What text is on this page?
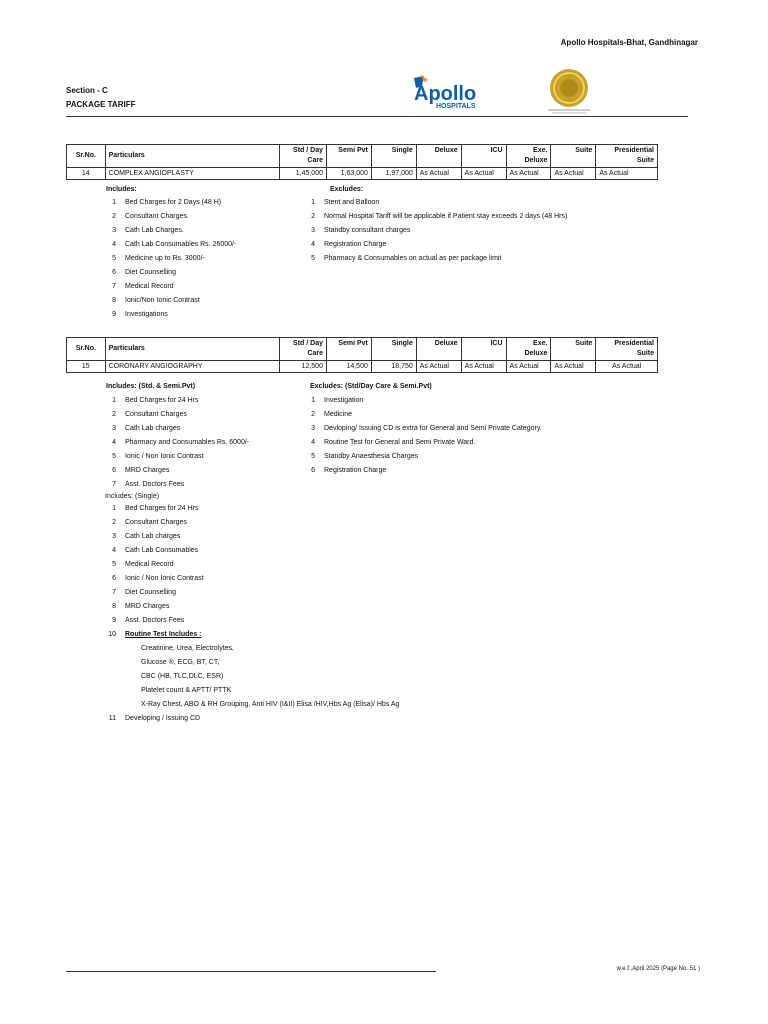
Apollo Hospitals-Bhat, Gandhinagar
Section - C
PACKAGE TARIFF	Apollo
HOSPITALS
Sr.No.	Particulars	Std / Day Care	Semi Pvt	Single	Deluxe	ICU	Exe. Deluxe	Suite	Presidential Suite
14	COMPLEX ANGIOPLASTY	1,45,000	1,63,000	1,97,000	As Actual	As Actual	As Actual	As Actual	As Actual
Includes:	Excludes:
1 Bed Charges for 2 Days (48 H)
2 Consultant Charges.
3 Cath Lab Charges.
4 Cath Lab Consumables Rs. 26000/-
5 Medicine up to Rs. 3000/-
6 Diet Counselling
7 Medical Record
8 Ionic/Non Ionic Contrast
9 Investigations
1 Stent and Balloon
2 Normal Hospital Tariff will be applicable if Patient stay exceeds 2 days (48 Hrs)
3 Standby consultant charges
4 Registration Charge
5 Pharmacy & Consumables on actual as per package limit
Sr.No.	Particulars	Std / Day Care	Semi Pvt	Single	Deluxe	ICU	Exe. Deluxe	Suite	Presidential Suite
15	CORONARY ANGIOGRAPHY	12,500	14,500	18,750	As Actual	As Actual	As Actual	As Actual	As Actual
Includes: (Std. & Semi.Pvt)	Excludes: (Std/Day Care & Semi.Pvt)
1 Bed Charges for 24 Hrs
2 Consultant Charges
3 Cath Lab charges
4 Pharmacy and Consumables Rs. 6000/-
5 Ionic / Non Ionic Contrast
6 MRD Charges
7 Asst. Doctors Fees
1 Investigation
2 Medicine
3 Devloping/ Issuing CD is extra for General and Semi Private Category.
4 Routine Test for General and Semi Private Ward.
5 Standby Anaesthesia Charges
6 Registration Charge
Includes: (Single)
1 Bed Charges for 24 Hrs
2 Consultant Charges
3 Cath Lab charges
4 Cath Lab Consumables
5 Medical Record
6 Ionic / Non Ionic Contrast
7 Diet Counselling
8 MRD Charges
9 Asst. Doctors Fees
10 Routine Test Includes :
Creatinine, Urea, Electrolytes,
Glucose ®, ECG, BT, CT,
CBC (HB, TLC,DLC, ESR)
Platelet count & APTT/ PTTK
X-Ray Chest, ABO & RH Grouping, Anti HIV (I&II) Elisa /HIV,Hbs Ag (Elisa)/ Hbs Ag
11 Developing / Issuing CD
w.e.f.,April 2025 (Page No. 51 )
